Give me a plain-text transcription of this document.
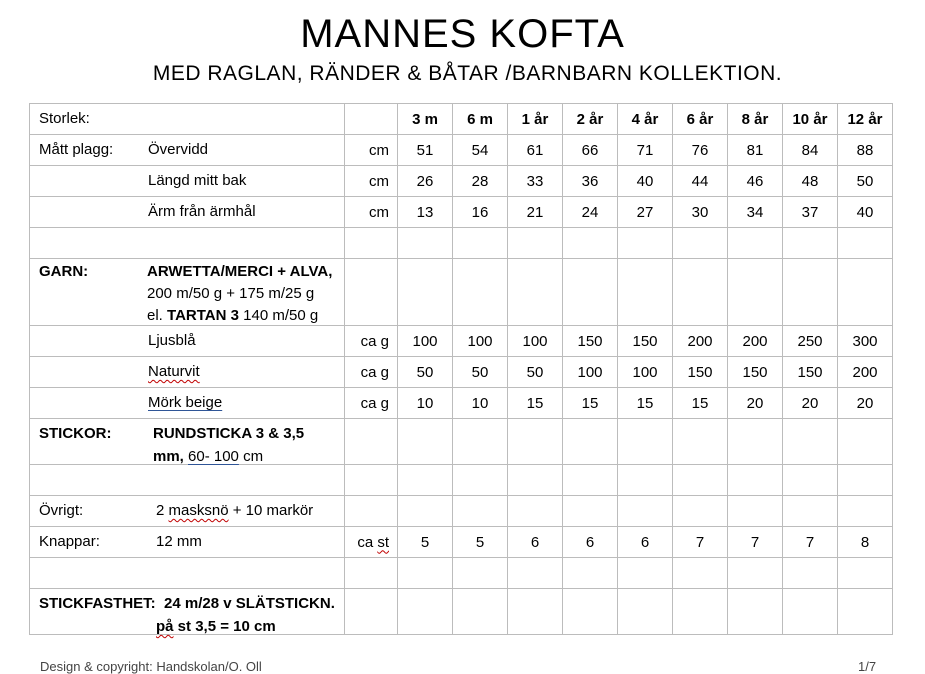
MANNES KOFTA
MED RAGLAN, RÄNDER & BÅTAR /BARNBARN KOLLEKTION.
Storlek:		3 m	6 m	1 år	2 år	4 år	6 år	8 år	10 år	12 år

Mått plagg: Övervidd	cm	51	54	61	66	71	76	81	84	88

Längd mitt bak	cm	26	28	33	36	40	44	46	48	50

Ärm från ärmhål	cm	13	16	21	24	27	30	34	37	40

GARN: ARWETTA/MERCI + ALVA,
200 m/50 g + 175 m/25 g
el. TARTAN 3 140 m/50 g										

Ljusblå	ca g	100	100	100	150	150	200	200	250	300

Naturvit	ca g	50	50	50	100	100	150	150	150	200

Mörk beige	ca g	10	10	15	15	15	15	20	20	20

STICKOR: RUNDSTICKA 3 & 3,5
mm, 60- 100 cm										

Övrigt: 2 masksnö + 10 markör										

Knappar: 12 mm	ca st	5	5	6	6	6	7	7	7	8

STICKFASTHET:  24 m/28 v SLÄTSTICKN.
på st 3,5 = 10 cm										

Design & copyright: Handskolan/O. Oll	1/7
